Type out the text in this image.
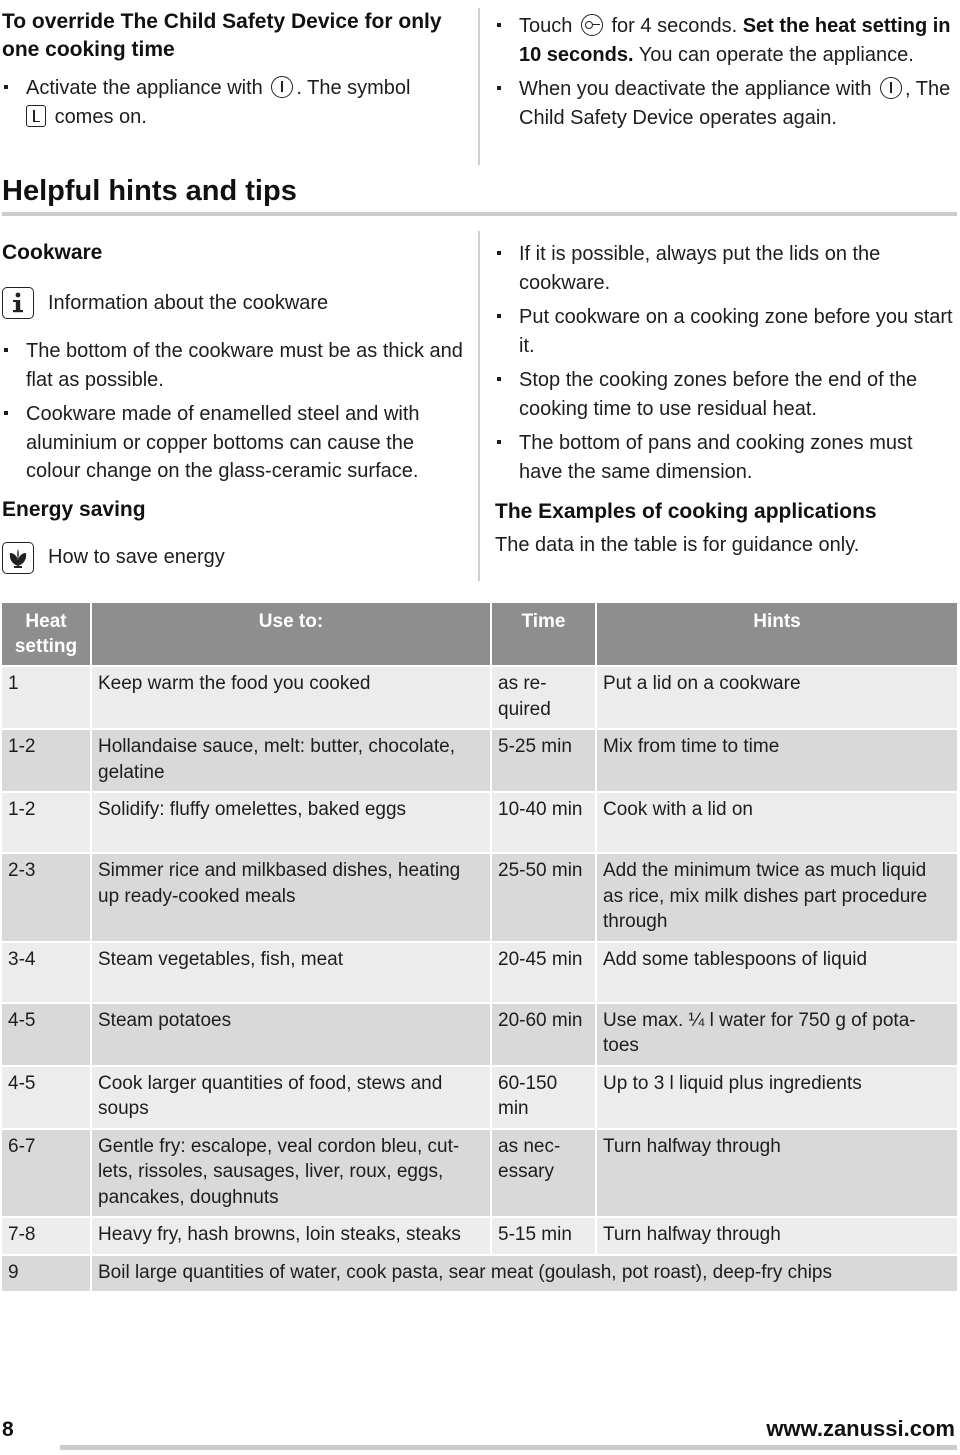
To override The Child Safety Device for only one cooking time
Activate the appliance with . The symbol
comes on.
Touch for 4 seconds. Set the heat setting in 10 seconds. You can operate the appliance.
When you deactivate the appliance with , The Child Safety Device operates again.
Helpful hints and tips
Cookware
Information about the cookware
The bottom of the cookware must be as thick and flat as possible.
Cookware made of enamelled steel and with aluminium or copper bottoms can cause the colour change on the glass-ceramic surface.
Energy saving
How to save energy
If it is possible, always put the lids on the cookware.
Put cookware on a cooking zone before you start it.
Stop the cooking zones before the end of the cooking time to use residual heat.
The bottom of pans and cooking zones must have the same dimension.
The Examples of cooking applications

The data in the table is for guidance only.

Heat setting	Use to:	Time	Hints
1	Keep warm the food you cooked	as re- quired	Put a lid on a cookware
1-2	Hollandaise sauce, melt: butter, chocolate, gelatine	5-25 min	Mix from time to time
1-2	Solidify: fluffy omelettes, baked eggs	10-40 min	Cook with a lid on
2-3	Simmer rice and milkbased dishes, heating up ready-cooked meals	25-50 min	Add the minimum twice as much liquid as rice, mix milk dishes part procedure through
3-4	Steam vegetables, fish, meat	20-45 min	Add some tablespoons of liquid
4-5	Steam potatoes	20-60 min	Use max. ¼ l water for 750 g of pota- toes
4-5	Cook larger quantities of food, stews and soups	60-150 min	Up to 3 l liquid plus ingredients
6-7	Gentle fry: escalope, veal cordon bleu, cut- lets, rissoles, sausages, liver, roux, eggs, pancakes, doughnuts	as nec- essary	Turn halfway through
7-8	Heavy fry, hash browns, loin steaks, steaks	5-15 min	Turn halfway through
9	Boil large quantities of water, cook pasta, sear meat (goulash, pot roast), deep-fry chips		
8	www.zanussi.com
